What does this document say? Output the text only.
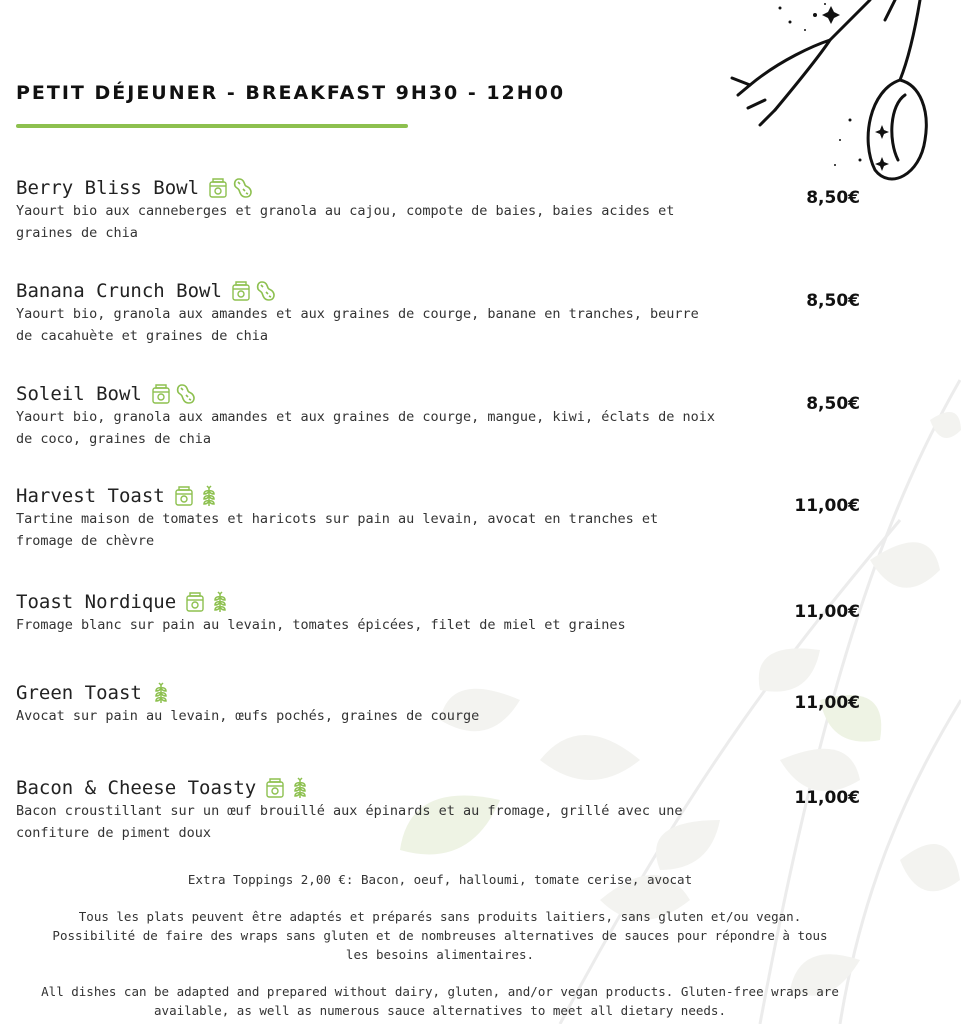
PETIT DÉJEUNER - BREAKFAST 9H30 - 12H00
Berry Bliss Bowl
Yaourt bio aux canneberges et granola au cajou, compote de baies, baies acides et graines de chia
8,50€
Banana Crunch Bowl
Yaourt bio, granola aux amandes et aux graines de courge, banane en tranches, beurre de cacahuète et graines de chia
8,50€
Soleil Bowl
Yaourt bio, granola aux amandes et aux graines de courge, mangue, kiwi, éclats de noix de coco, graines de chia
8,50€
Harvest Toast
Tartine maison de tomates et haricots sur pain au levain, avocat en tranches et fromage de chèvre
11,00€
Toast Nordique
Fromage blanc sur pain au levain, tomates épicées, filet de miel et graines
11,00€
Green Toast
Avocat sur pain au levain, œufs pochés, graines de courge
11,00€
Bacon & Cheese Toasty
Bacon croustillant sur un œuf brouillé aux épinards et au fromage, grillé avec une confiture de piment doux
11,00€
Extra Toppings 2,00 €: Bacon, oeuf, halloumi, tomate cerise, avocat
Tous les plats peuvent être adaptés et préparés sans produits laitiers, sans gluten et/ou vegan. Possibilité de faire des wraps sans gluten et de nombreuses alternatives de sauces pour répondre à tous les besoins alimentaires.
All dishes can be adapted and prepared without dairy, gluten, and/or vegan products. Gluten-free wraps are available, as well as numerous sauce alternatives to meet all dietary needs.
